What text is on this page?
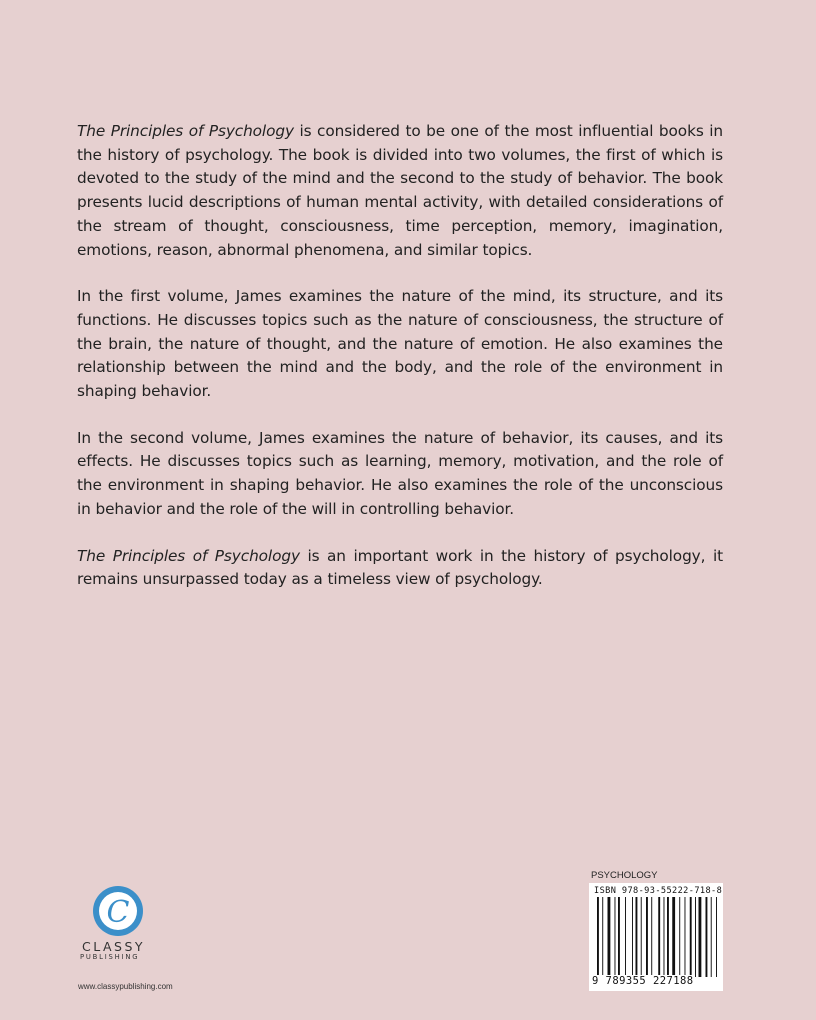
The Principles of Psychology is considered to be one of the most influential books in the history of psychology. The book is divided into two volumes, the first of which is devoted to the study of the mind and the second to the study of behavior. The book presents lucid descriptions of human mental activity, with detailed considerations of the stream of thought, consciousness, time perception, memory, imagination, emotions, reason, abnormal phenomena, and similar topics.

In the first volume, James examines the nature of the mind, its structure, and its functions. He discusses topics such as the nature of consciousness, the structure of the brain, the nature of thought, and the nature of emotion. He also examines the relationship between the mind and the body, and the role of the environment in shaping behavior.

In the second volume, James examines the nature of behavior, its causes, and its effects. He discusses topics such as learning, memory, motivation, and the role of the environment in shaping behavior. He also examines the role of the unconscious in behavior and the role of the will in controlling behavior.

The Principles of Psychology is an important work in the history of psychology, it remains unsurpassed today as a timeless view of psychology.

C
CLASSY
PUBLISHING
www.classypublishing.com
PSYCHOLOGY
ISBN 978-93-55222-718-8
9 789355 227188
